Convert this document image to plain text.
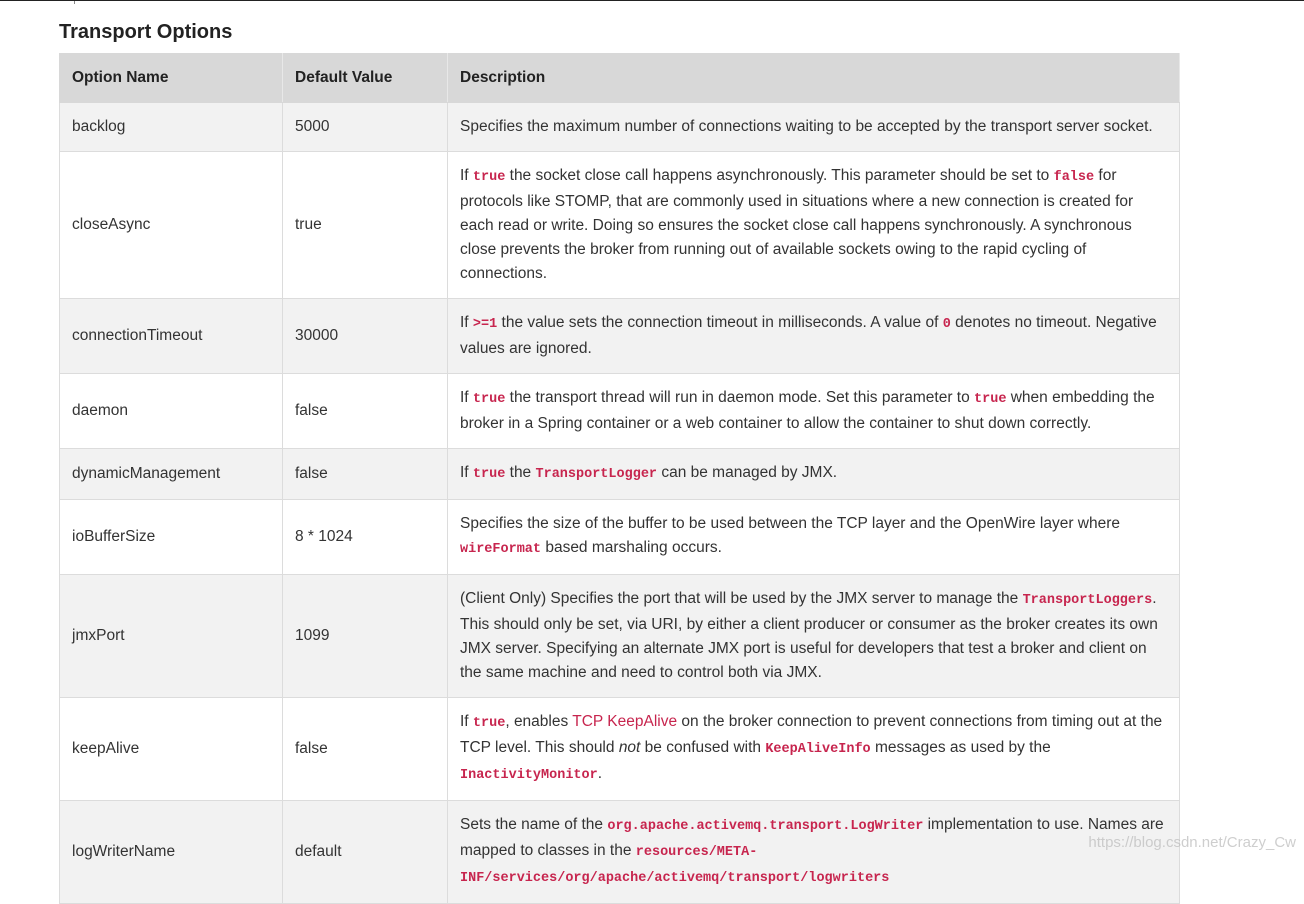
Transport Options
Option Name	Default Value	Description
backlog	5000	Specifies the maximum number of connections waiting to be accepted by the transport server socket.
closeAsync	true	If true the socket close call happens asynchronously. This parameter should be set to false for protocols like STOMP, that are commonly used in situations where a new connection is created for each read or write. Doing so ensures the socket close call happens synchronously. A synchronous close prevents the broker from running out of available sockets owing to the rapid cycling of connections.
connectionTimeout	30000	If >=1 the value sets the connection timeout in milliseconds. A value of 0 denotes no timeout. Negative values are ignored.
daemon	false	If true the transport thread will run in daemon mode. Set this parameter to true when embedding the broker in a Spring container or a web container to allow the container to shut down correctly.
dynamicManagement	false	If true the TransportLogger can be managed by JMX.
ioBufferSize	8 * 1024	Specifies the size of the buffer to be used between the TCP layer and the OpenWire layer where wireFormat based marshaling occurs.
jmxPort	1099	(Client Only) Specifies the port that will be used by the JMX server to manage the TransportLoggers. This should only be set, via URI, by either a client producer or consumer as the broker creates its own JMX server. Specifying an alternate JMX port is useful for developers that test a broker and client on the same machine and need to control both via JMX.
keepAlive	false	If true, enables TCP KeepAlive on the broker connection to prevent connections from timing out at the TCP level. This should not be confused with KeepAliveInfo messages as used by the InactivityMonitor.
logWriterName	default	Sets the name of the org.apache.activemq.transport.LogWriter implementation to use. Names are mapped to classes in the resources/META-INF/services/org/apache/activemq/transport/logwriters
https://blog.csdn.net/Crazy_Cw
